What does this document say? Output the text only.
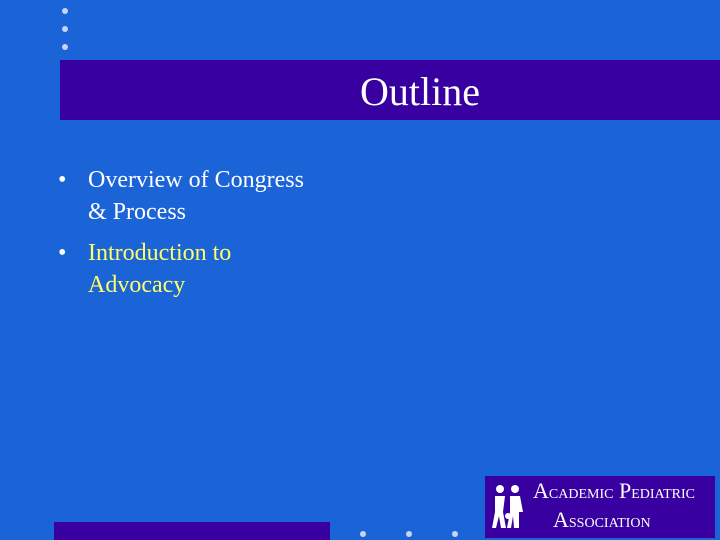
Outline
• Overview of Congress
& Process
• Introduction to
Advocacy
ACADEMIC PEDIATRIC
ASSOCIATION
